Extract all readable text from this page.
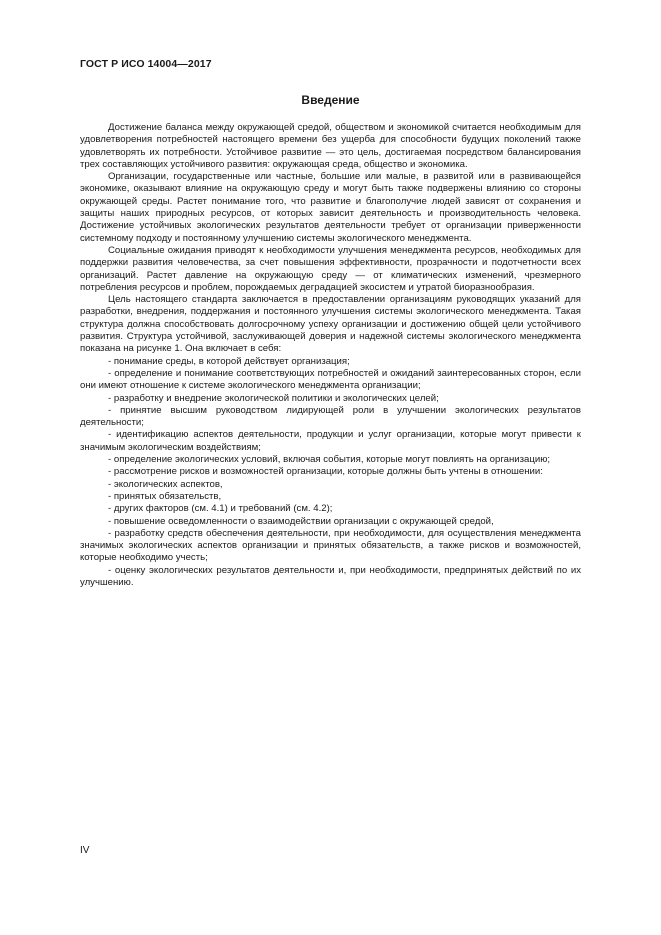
ГОСТ Р ИСО 14004—2017
Введение

Достижение баланса между окружающей средой, обществом и экономикой считается необходимым для удовлетворения потребностей настоящего времени без ущерба для способности будущих поколений также удовлетворять их потребности. Устойчивое развитие — это цель, достигаемая посредством балансирования трех составляющих устойчивого развития: окружающая среда, общество и экономика.

Организации, государственные или частные, большие или малые, в развитой или в развивающейся экономике, оказывают влияние на окружающую среду и могут быть также подвержены влиянию со стороны окружающей среды. Растет понимание того, что развитие и благополучие людей зависят от сохранения и защиты наших природных ресурсов, от которых зависит деятельность и производительность человека. Достижение устойчивых экологических результатов деятельности требует от организации приверженности системному подходу и постоянному улучшению системы экологического менеджмента.

Социальные ожидания приводят к необходимости улучшения менеджмента ресурсов, необходимых для поддержки развития человечества, за счет повышения эффективности, прозрачности и подотчетности всех организаций. Растет давление на окружающую среду — от климатических изменений, чрезмерного потребления ресурсов и проблем, порождаемых деградацией экосистем и утратой биоразнообразия.

Цель настоящего стандарта заключается в предоставлении организациям руководящих указаний для разработки, внедрения, поддержания и постоянного улучшения системы экологического менеджмента. Такая структура должна способствовать долгосрочному успеху организации и достижению общей цели устойчивого развития. Структура устойчивой, заслуживающей доверия и надежной системы экологического менеджмента показана на рисунке 1. Она включает в себя:

- понимание среды, в которой действует организация;

- определение и понимание соответствующих потребностей и ожиданий заинтересованных сторон, если они имеют отношение к системе экологического менеджмента организации;

- разработку и внедрение экологической политики и экологических целей;

- принятие высшим руководством лидирующей роли в улучшении экологических результатов деятельности;

- идентификацию аспектов деятельности, продукции и услуг организации, которые могут привести к значимым экологическим воздействиям;

- определение экологических условий, включая события, которые могут повлиять на организацию;

- рассмотрение рисков и возможностей организации, которые должны быть учтены в отношении:

- экологических аспектов,

- принятых обязательств,

- других факторов (см. 4.1) и требований (см. 4.2);

- повышение осведомленности о взаимодействии организации с окружающей средой,

- разработку средств обеспечения деятельности, при необходимости, для осуществления менеджмента значимых экологических аспектов организации и принятых обязательств, а также рисков и возможностей, которые необходимо учесть;

- оценку экологических результатов деятельности и, при необходимости, предпринятых действий по их улучшению.

IV
